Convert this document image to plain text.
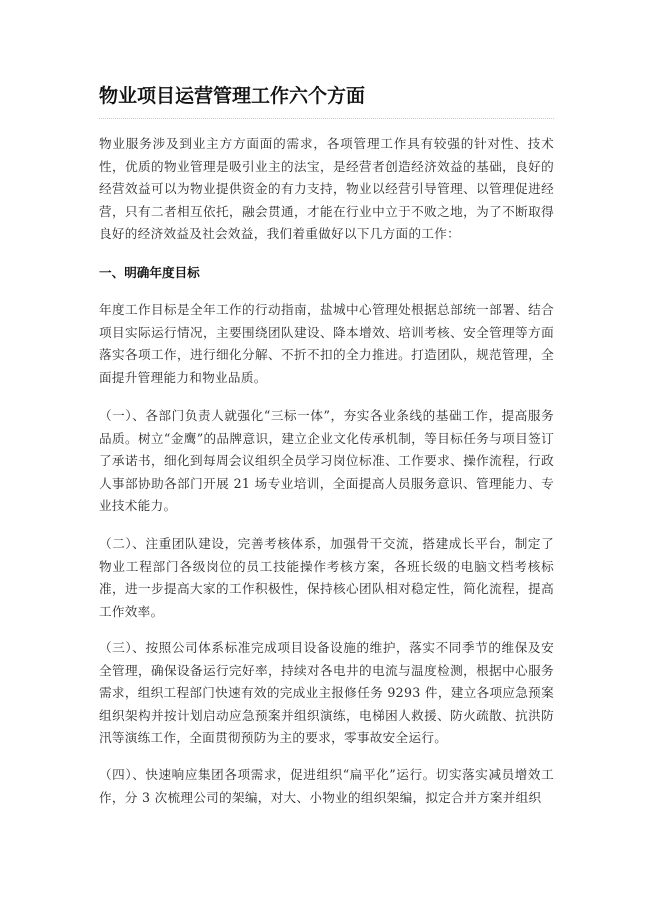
物业项目运营管理工作六个方面

物业服务涉及到业主方方面面的需求，各项管理工作具有较强的针对性、技术性，优质的物业管理是吸引业主的法宝，是经营者创造经济效益的基础，良好的经营效益可以为物业提供资金的有力支持，物业以经营引导管理、以管理促进经营，只有二者相互依托，融会贯通，才能在行业中立于不败之地，为了不断取得良好的经济效益及社会效益，我们着重做好以下几方面的工作：

一、明确年度目标

年度工作目标是全年工作的行动指南，盐城中心管理处根据总部统一部署、结合项目实际运行情况，主要围绕团队建设、降本增效、培训考核、安全管理等方面落实各项工作，进行细化分解、不折不扣的全力推进。打造团队，规范管理，全面提升管理能力和物业品质。

（一）、各部门负责人就强化“三标一体”，夯实各业条线的基础工作，提高服务品质。树立“金鹰”的品牌意识，建立企业文化传承机制，等目标任务与项目签订了承诺书，细化到每周会议组织全员学习岗位标准、工作要求、操作流程，行政人事部协助各部门开展 21 场专业培训，全面提高人员服务意识、管理能力、专业技术能力。

（二）、注重团队建设，完善考核体系，加强骨干交流，搭建成长平台，制定了物业工程部门各级岗位的员工技能操作考核方案，各班长级的电脑文档考核标准，进一步提高大家的工作积极性，保持核心团队相对稳定性，简化流程，提高工作效率。

（三）、按照公司体系标准完成项目设备设施的维护，落实不同季节的维保及安全管理，确保设备运行完好率，持续对各电井的电流与温度检测，根据中心服务需求，组织工程部门快速有效的完成业主报修任务 9293 件，建立各项应急预案组织架构并按计划启动应急预案并组织演练，电梯困人救援、防火疏散、抗洪防汛等演练工作，全面贯彻预防为主的要求，零事故安全运行。

（四）、快速响应集团各项需求，促进组织“扁平化”运行。切实落实减员增效工作，分 3 次梳理公司的架编，对大、小物业的组织架编，拟定合并方案并组织
